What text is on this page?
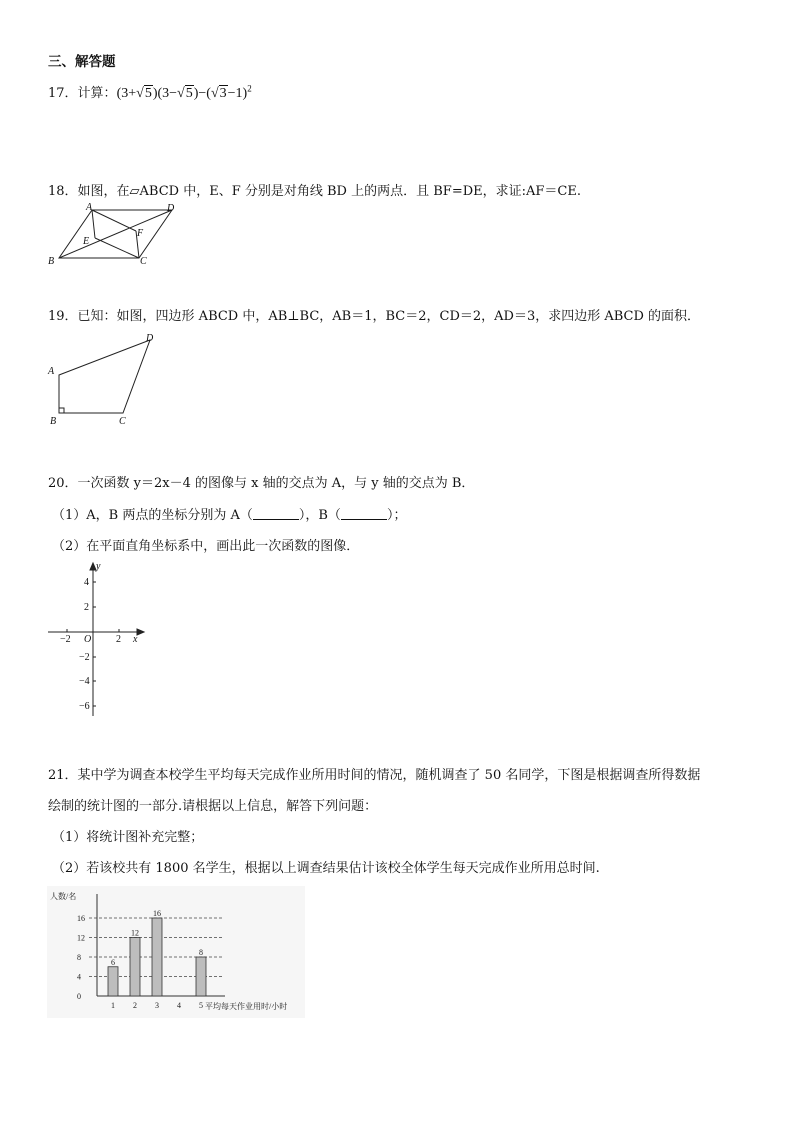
三、解答题
17．计算：$(3+√5)(3-√5)-(√3-1)^2$
18．如图，在▱ABCD 中，E、F 分别是对角线 BD 上的两点．且 BF=DE，求证:AF＝CE.
A	D
B	C
E
F
19．已知：如图，四边形 ABCD 中，AB⊥BC，AB＝1，BC＝2，CD＝2，AD＝3，求四边形 ABCD 的面积．
A
B	C
D
20．一次函数 y＝2x－4 的图像与 x 轴的交点为 A，与 y 轴的交点为 B．
（1）A，B 两点的坐标分别为 A（	），B（	）；
（2）在平面直角坐标系中，画出此一次函数的图像．
y
x
O
−2	2
4
2
−2
−4
−6
21．某中学为调查本校学生平均每天完成作业所用时间的情况，随机调查了 50 名同学，下图是根据调查所得数据
绘制的统计图的一部分.请根据以上信息，解答下列问题：
（1）将统计图补充完整；
（2）若该校共有 1800 名学生，根据以上调查结果估计该校全体学生每天完成作业所用总时间.
人数/名
平均每天作业用时/小时
0
4
8
12
16
6
1
12
2
16
3 4
8
5
